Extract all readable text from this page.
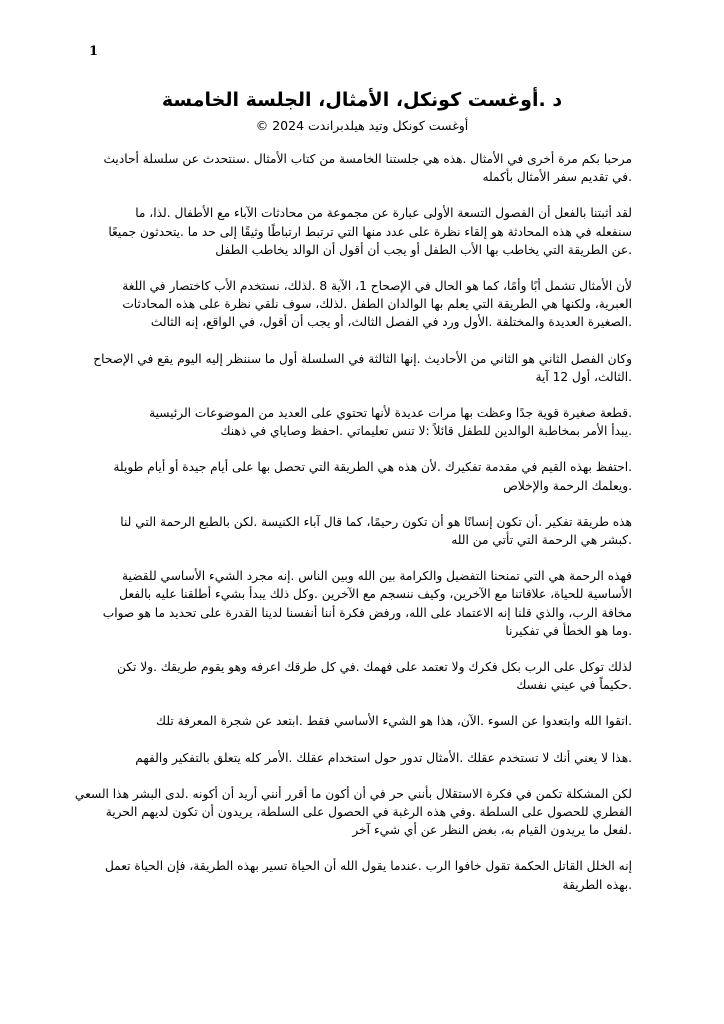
1
د .أوغست كونكل، الأمثال، الجلسة الخامسة
أوغست كونكل وتيد هيلدبراندت 2024 ©
مرحبا بكم مرة أخرى في الأمثال .هذه هي جلستنا الخامسة من كتاب الأمثال .سنتحدث عن سلسلة أحاديث
.في تقديم سفر الأمثال بأكمله
لقد أثبتنا بالفعل أن الفصول التسعة الأولى عبارة عن مجموعة من محادثات الآباء مع الأطفال .لذا، ما
سنفعله في هذه المحادثة هو إلقاء نظرة على عدد منها التي ترتبط ارتباطًا وثيقًا إلى حد ما .يتحدثون جميعًا
.عن الطريقة التي يخاطب بها الأب الطفل أو يجب أن أقول أن الوالد يخاطب الطفل
لأن الأمثال تشمل أبًا وأمًا، كما هو الحال في الإصحاح 1، الآية 8 .لذلك، نستخدم الأب كاختصار في اللغة
العبرية، ولكنها هي الطريقة التي يعلم بها الوالدان الطفل .لذلك، سوف نلقي نظرة على هذه المحادثات
.الصغيرة العديدة والمختلفة .الأول ورد في الفصل الثالث، أو يجب أن أقول، في الواقع، إنه الثالث
وكان الفصل الثاني هو الثاني من الأحاديث .إنها الثالثة في السلسلة أول ما سننظر إليه اليوم يقع في الإصحاح
.الثالث، أول 12 آية
.قطعة صغيرة قوية جدًا وعظت بها مرات عديدة لأنها تحتوي على العديد من الموضوعات الرئيسية
.يبدأ الأمر بمخاطبة الوالدين للطفل قائلاً :لا تنس تعليماتي .احفظ وصاياي في ذهنك
.احتفظ بهذه القيم في مقدمة تفكيرك .لأن هذه هي الطريقة التي تحصل بها على أيام جيدة أو أيام طويلة
.ويعلمك الرحمة والإخلاص
هذه طريقة تفكير .أن تكون إنسانًا هو أن تكون رحيمًا، كما قال آباء الكنيسة .لكن بالطبع الرحمة التي لنا
.كبشر هي الرحمة التي تأتي من الله
فهذه الرحمة هي التي تمنحنا التفضيل والكرامة بين الله وبين الناس .إنه مجرد الشيء الأساسي للقضية
الأساسية للحياة، علاقاتنا مع الآخرين، وكيف ننسجم مع الآخرين .وكل ذلك يبدأ بشيء أطلقنا عليه بالفعل
مخافة الرب، والذي قلنا إنه الاعتماد على الله، ورفض فكرة أننا أنفسنا لدينا القدرة على تحديد ما هو صواب
.وما هو الخطأ في تفكيرنا
لذلك توكل على الرب بكل فكرك ولا تعتمد على فهمك .في كل طرقك اعرفه وهو يقوم طريقك .ولا تكن
.حكيماً في عيني نفسك
.اتقوا الله وابتعدوا عن السوء .الآن، هذا هو الشيء الأساسي فقط .ابتعد عن شجرة المعرفة تلك
.هذا لا يعني أنك لا تستخدم عقلك .الأمثال تدور حول استخدام عقلك .الأمر كله يتعلق بالتفكير والفهم
لكن المشكلة تكمن في فكرة الاستقلال بأنني حر في أن أكون ما أقرر أنني أريد أن أكونه .لدى البشر هذا السعي
الفطري للحصول على السلطة .وفي هذه الرغبة في الحصول على السلطة، يريدون أن تكون لديهم الحرية
.لفعل ما يريدون القيام به، بغض النظر عن أي شيء آخر
إنه الخلل القاتل الحكمة تقول خافوا الرب .عندما يقول الله أن الحياة تسير بهذه الطريقة، فإن الحياة تعمل
.بهذه الطريقة
